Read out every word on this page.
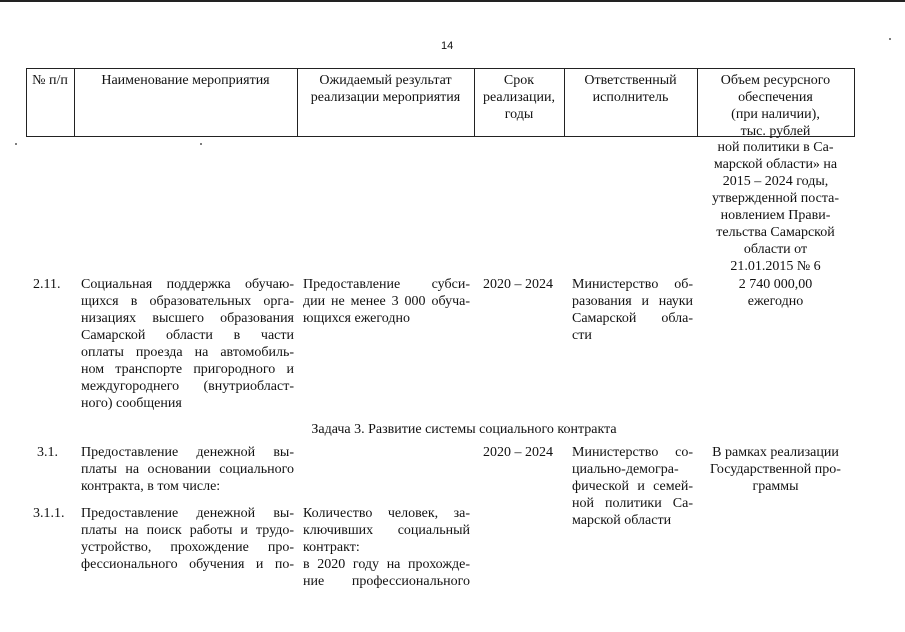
14
№ п/п	Наименование мероприятия	Ожидаемый результат
реализации мероприятия
Срок
реализации,
годы
Ответственный
исполнитель
Объем ресурсного
обеспечения
(при наличии),
тыс. рублей
ной политики в Са-
марской области» на
2015 – 2024 годы,
утвержденной поста-
новлением Прави-
тельства Самарской
области от
21.01.2015 № 6
2.11. Социальная поддержка обучаю-
щихся в образовательных орга-
низациях высшего образования
Самарской области в части
оплаты проезда на автомобиль-
ном транспорте пригородного и
междугороднего (внутриобласт-
ного) сообщения
Предоставление субси-
дии не менее 3 000 обуча-
ющихся ежегодно
2020 – 2024 Министерство об-
разования и науки
Самарской обла-
сти
2 740 000,00
ежегодно
Задача 3. Развитие системы социального контракта
3.1. Предоставление денежной вы-
платы на основании социального
контракта, в том числе:
2020 – 2024 Министерство со-
циально-демогра-
фической и семей-
ной политики Са-
марской области
В рамках реализации
Государственной про-
граммы
3.1.1. Предоставление денежной вы-
платы на поиск работы и трудо-
устройство, прохождение про-
фессионального обучения и по-
Количество человек, за-
ключивших социальный
контракт:
в 2020 году на прохожде-
ние профессионального
